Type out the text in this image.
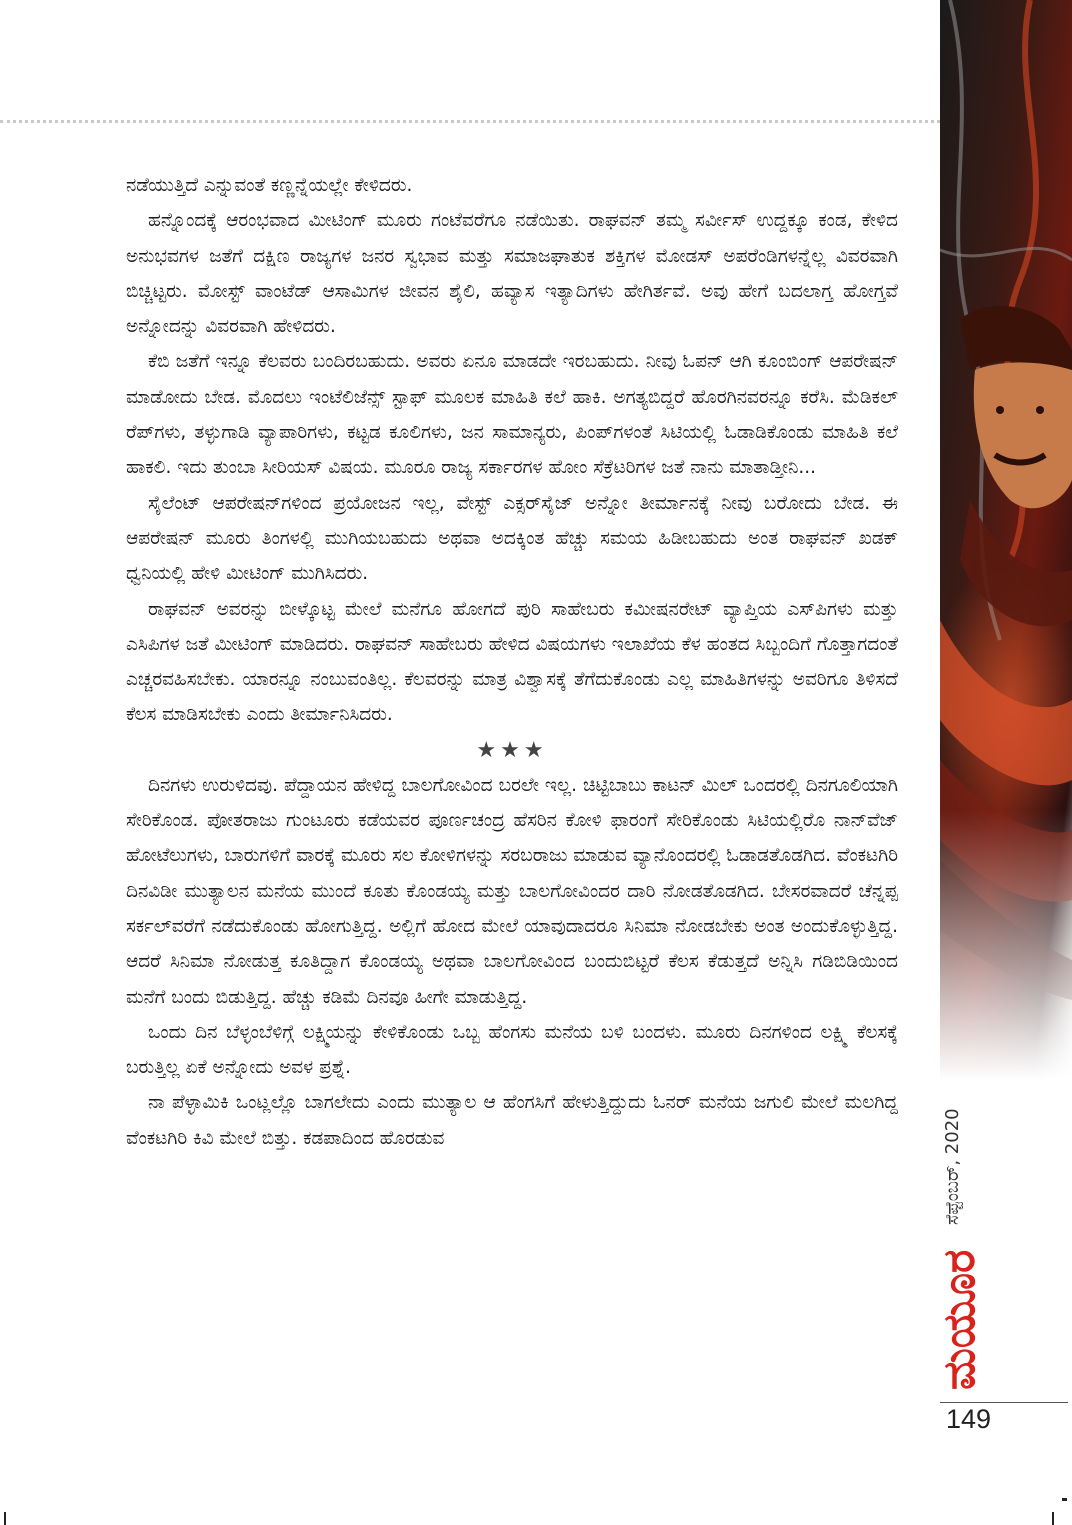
ನಡೆಯುತ್ತಿದೆ ಎನ್ನುವಂತೆ ಕಣ್ಣನ್ನೆಯಲ್ಲೇ ಕೇಳಿದರು.

ಹನ್ನೊಂದಕ್ಕೆ ಆರಂಭವಾದ ಮೀಟಿಂಗ್ ಮೂರು ಗಂಟೆವರೆಗೂ ನಡೆಯಿತು. ರಾಘವನ್ ತಮ್ಮ ಸರ್ವೀಸ್ ಉದ್ದಕ್ಕೂ ಕಂಡ, ಕೇಳಿದ ಅನುಭವಗಳ ಜತೆಗೆ ದಕ್ಷಿಣ ರಾಜ್ಯಗಳ ಜನರ ಸ್ವಭಾವ ಮತ್ತು ಸಮಾಜಘಾತುಕ ಶಕ್ತಿಗಳ ಮೋಡಸ್ ಅಪರೆಂಡಿಗಳನ್ನೆಲ್ಲ ವಿವರವಾಗಿ ಬಿಚ್ಚಿಟ್ಟರು. ಮೋಸ್ಟ್ ವಾಂಟೆಡ್ ಆಸಾಮಿಗಳ ಜೀವನ ಶೈಲಿ, ಹವ್ಯಾಸ ಇತ್ಯಾದಿಗಳು ಹೇಗಿರ್ತವೆ. ಅವು ಹೇಗೆ ಬದಲಾಗ್ತ ಹೋಗ್ತವೆ ಅನ್ನೋದನ್ನು ವಿವರವಾಗಿ ಹೇಳಿದರು.

ಕೆಬಿ ಜತೆಗೆ ಇನ್ನೂ ಕೆಲವರು ಬಂದಿರಬಹುದು. ಅವರು ಏನೂ ಮಾಡದೇ ಇರಬಹುದು. ನೀವು ಓಪನ್ ಆಗಿ ಕೂಂಬಿಂಗ್ ಆಪರೇಷನ್ ಮಾಡೋದು ಬೇಡ. ಮೊದಲು ಇಂಟೆಲಿಜೆನ್ಸ್ ಸ್ಟಾಫ್ ಮೂಲಕ ಮಾಹಿತಿ ಕಲೆ ಹಾಕಿ. ಅಗತ್ಯಬಿದ್ದರೆ ಹೊರಗಿನವರನ್ನೂ ಕರೆಸಿ. ಮೆಡಿಕಲ್ ರೆಪ್‌ಗಳು, ತಳ್ಳುಗಾಡಿ ವ್ಯಾಪಾರಿಗಳು, ಕಟ್ಟಡ ಕೂಲಿಗಳು, ಜನ ಸಾಮಾನ್ಯರು, ಪಿಂಪ್‌ಗಳಂತೆ ಸಿಟಿಯಲ್ಲಿ ಓಡಾಡಿಕೊಂಡು ಮಾಹಿತಿ ಕಲೆ ಹಾಕಲಿ. ಇದು ತುಂಬಾ ಸೀರಿಯಸ್ ವಿಷಯ. ಮೂರೂ ರಾಜ್ಯ ಸರ್ಕಾರಗಳ ಹೋಂ ಸೆಕ್ರೆಟರಿಗಳ ಜತೆ ನಾನು ಮಾತಾಡ್ತೀನಿ...

ಸೈಲೆಂಟ್ ಆಪರೇಷನ್‌ಗಳಿಂದ ಪ್ರಯೋಜನ ಇಲ್ಲ, ವೇಸ್ಟ್ ಎಕ್ಸರ್‌ಸೈಜ್ ಅನ್ನೋ ತೀರ್ಮಾನಕ್ಕೆ ನೀವು ಬರೋದು ಬೇಡ. ಈ ಆಪರೇಷನ್ ಮೂರು ತಿಂಗಳಲ್ಲಿ ಮುಗಿಯಬಹುದು ಅಥವಾ ಅದಕ್ಕಿಂತ ಹೆಚ್ಚು ಸಮಯ ಹಿಡೀಬಹುದು ಅಂತ ರಾಘವನ್ ಖಡಕ್ ಧ್ವನಿಯಲ್ಲಿ ಹೇಳಿ ಮೀಟಿಂಗ್ ಮುಗಿಸಿದರು.

ರಾಘವನ್ ಅವರನ್ನು ಬೀಳ್ಕೊಟ್ಟ ಮೇಲೆ ಮನೆಗೂ ಹೋಗದೆ ಪುರಿ ಸಾಹೇಬರು ಕಮೀಷನರೇಟ್ ವ್ಯಾಪ್ತಿಯ ಎಸ್‌ಪಿಗಳು ಮತ್ತು ಎಸಿಪಿಗಳ ಜತೆ ಮೀಟಿಂಗ್ ಮಾಡಿದರು. ರಾಘವನ್ ಸಾಹೇಬರು ಹೇಳಿದ ವಿಷಯಗಳು ಇಲಾಖೆಯ ಕೆಳ ಹಂತದ ಸಿಬ್ಬಂದಿಗೆ ಗೊತ್ತಾಗದಂತೆ ಎಚ್ಚರವಹಿಸಬೇಕು. ಯಾರನ್ನೂ ನಂಬುವಂತಿಲ್ಲ. ಕೆಲವರನ್ನು ಮಾತ್ರ ವಿಶ್ವಾಸಕ್ಕೆ ತೆಗೆದುಕೊಂಡು ಎಲ್ಲ ಮಾಹಿತಿಗಳನ್ನು ಅವರಿಗೂ ತಿಳಿಸದೆ ಕೆಲಸ ಮಾಡಿಸಬೇಕು ಎಂದು ತೀರ್ಮಾನಿಸಿದರು.

★★★

ದಿನಗಳು ಉರುಳಿದವು. ಪೆದ್ದಾಯನ ಹೇಳಿದ್ದ ಬಾಲಗೋವಿಂದ ಬರಲೇ ಇಲ್ಲ. ಚಿಟ್ಟಿಬಾಬು ಕಾಟನ್ ಮಿಲ್ ಒಂದರಲ್ಲಿ ದಿನಗೂಲಿಯಾಗಿ ಸೇರಿಕೊಂಡ. ಪೋತರಾಜು ಗುಂಟೂರು ಕಡೆಯವರ ಪೂರ್ಣಚಂದ್ರ ಹೆಸರಿನ ಕೋಳಿ ಫಾರಂಗೆ ಸೇರಿಕೊಂಡು ಸಿಟಿಯಲ್ಲಿರೊ ನಾನ್‌ವೆಜ್ ಹೋಟೆಲುಗಳು, ಬಾರುಗಳಿಗೆ ವಾರಕ್ಕೆ ಮೂರು ಸಲ ಕೋಳಿಗಳನ್ನು ಸರಬರಾಜು ಮಾಡುವ ವ್ಯಾನೊಂದರಲ್ಲಿ ಓಡಾಡತೊಡಗಿದ. ವೆಂಕಟಗಿರಿ ದಿನವಿಡೀ ಮುತ್ಯಾಲನ ಮನೆಯ ಮುಂದೆ ಕೂತು ಕೊಂಡಯ್ಯ ಮತ್ತು ಬಾಲಗೋವಿಂದರ ದಾರಿ ನೋಡತೊಡಗಿದ. ಬೇಸರವಾದರೆ ಚೆನ್ನಪ್ಪ ಸರ್ಕಲ್‌ವರೆಗೆ ನಡೆದುಕೊಂಡು ಹೋಗುತ್ತಿದ್ದ. ಅಲ್ಲಿಗೆ ಹೋದ ಮೇಲೆ ಯಾವುದಾದರೂ ಸಿನಿಮಾ ನೋಡಬೇಕು ಅಂತ ಅಂದುಕೊಳ್ಳುತ್ತಿದ್ದ. ಆದರೆ ಸಿನಿಮಾ ನೋಡುತ್ತ ಕೂತಿದ್ದಾಗ ಕೊಂಡಯ್ಯ ಅಥವಾ ಬಾಲಗೋವಿಂದ ಬಂದುಬಿಟ್ಟರೆ ಕೆಲಸ ಕೆಡುತ್ತದೆ ಅನ್ನಿಸಿ ಗಡಿಬಿಡಿಯಿಂದ ಮನೆಗೆ ಬಂದು ಬಿಡುತ್ತಿದ್ದ. ಹೆಚ್ಚು ಕಡಿಮೆ ದಿನವೂ ಹೀಗೇ ಮಾಡುತ್ತಿದ್ದ.

ಒಂದು ದಿನ ಬೆಳ್ಳಂಬೆಳಿಗ್ಗೆ ಲಕ್ಷ್ಮಿಯನ್ನು ಕೇಳಿಕೊಂಡು ಒಬ್ಬ ಹೆಂಗಸು ಮನೆಯ ಬಳಿ ಬಂದಳು. ಮೂರು ದಿನಗಳಿಂದ ಲಕ್ಷ್ಮಿ ಕೆಲಸಕ್ಕೆ ಬರುತ್ತಿಲ್ಲ ಏಕೆ ಅನ್ನೋದು ಅವಳ ಪ್ರಶ್ನೆ.

ನಾ ಪೆಳ್ಳಾಮಿಕಿ ಒಂಟ್ಲಲ್ಲೊ ಬಾಗಲೇದು ಎಂದು ಮುತ್ಯಾಲ ಆ ಹೆಂಗಸಿಗೆ ಹೇಳುತ್ತಿದ್ದುದು ಓನರ್ ಮನೆಯ ಜಗುಲಿ ಮೇಲೆ ಮಲಗಿದ್ದ ವೆಂಕಟಗಿರಿ ಕಿವಿ ಮೇಲೆ ಬಿತ್ತು. ಕಡಪಾದಿಂದ ಹೊರಡುವ	ಸೆಪ್ಟೆಂಬರ್, 2020
ಮಯೂರ
149
